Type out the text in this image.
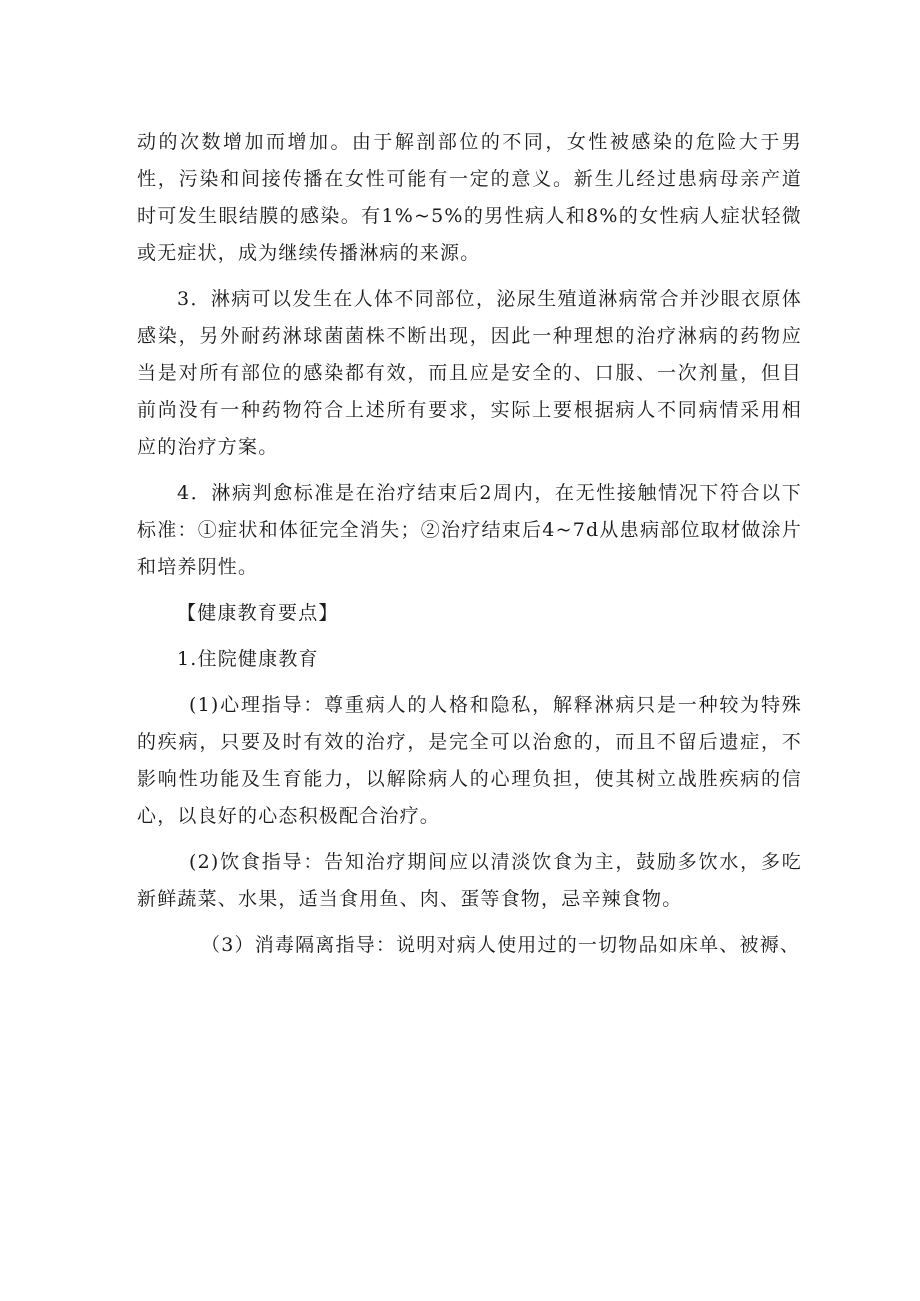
动的次数增加而增加。由于解剖部位的不同，女性被感染的危险大于男性，污染和间接传播在女性可能有一定的意义。新生儿经过患病母亲产道时可发生眼结膜的感染。有1%~5%的男性病人和8%的女性病人症状轻微或无症状，成为继续传播淋病的来源。

3．淋病可以发生在人体不同部位，泌尿生殖道淋病常合并沙眼衣原体感染，另外耐药淋球菌菌株不断出现，因此一种理想的治疗淋病的药物应当是对所有部位的感染都有效，而且应是安全的、口服、一次剂量，但目前尚没有一种药物符合上述所有要求，实际上要根据病人不同病情采用相应的治疗方案。

4．淋病判愈标准是在治疗结束后2周内，在无性接触情况下符合以下标准：①症状和体征完全消失；②治疗结束后4~7d从患病部位取材做涂片和培养阴性。

【健康教育要点】

1.住院健康教育

(1)心理指导：尊重病人的人格和隐私，解释淋病只是一种较为特殊的疾病，只要及时有效的治疗，是完全可以治愈的，而且不留后遗症，不影响性功能及生育能力，以解除病人的心理负担，使其树立战胜疾病的信心，以良好的心态积极配合治疗。

(2)饮食指导：告知治疗期间应以清淡饮食为主，鼓励多饮水，多吃新鲜蔬菜、水果，适当食用鱼、肉、蛋等食物，忌辛辣食物。

（3）消毒隔离指导：说明对病人使用过的一切物品如床单、被褥、
